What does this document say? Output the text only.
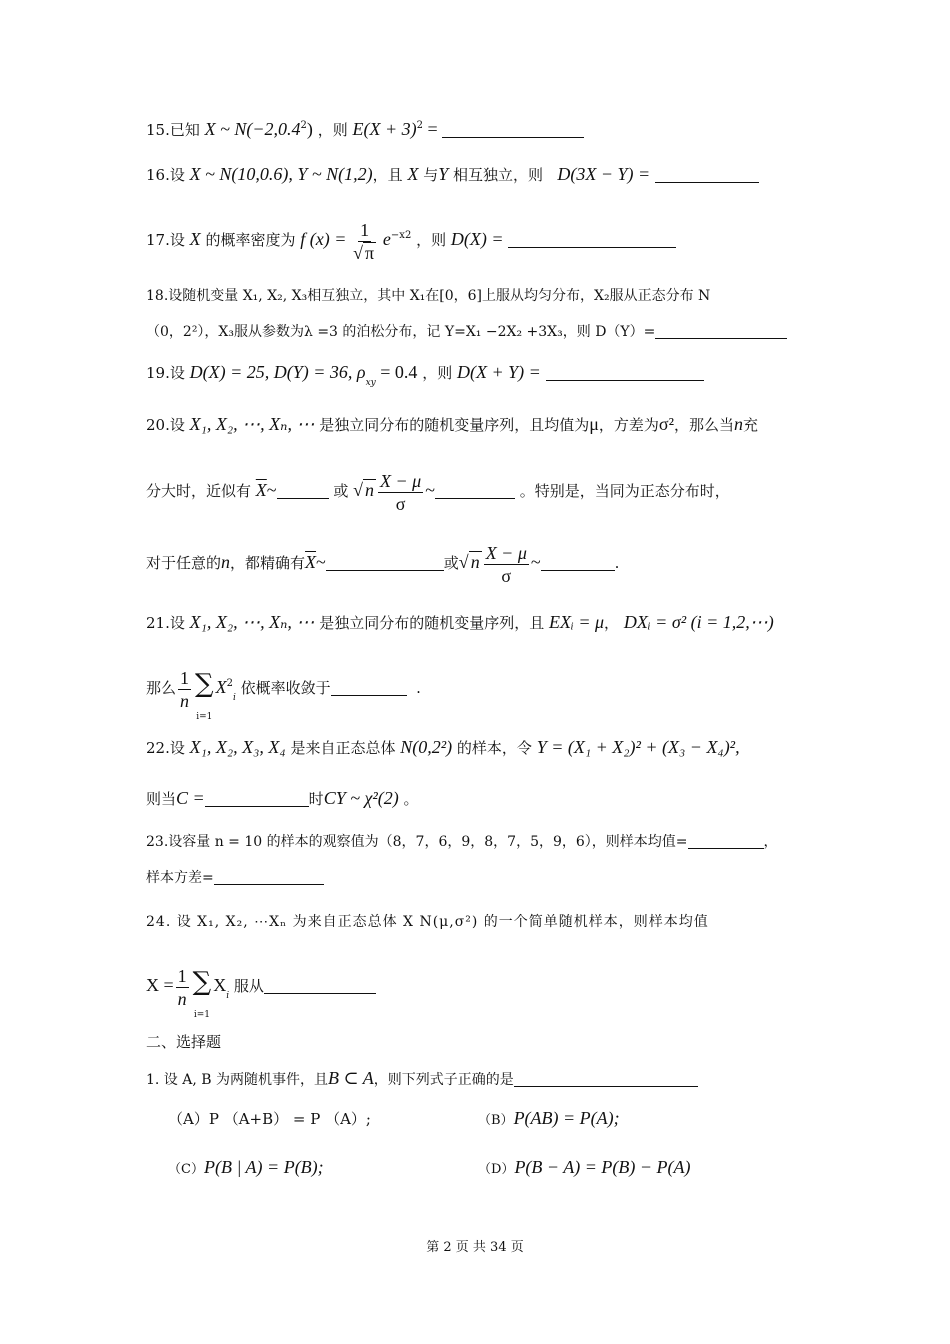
15.已知 X ~ $N(-2,0.4^2)$ ，则 $E(X + 3)^2$ =
16.设 X ~ N(10,0.6), Y ~ N(1,2)，且 X 与Y 相互独立，则 D(3X − Y) =
17.设 X 的概率密度为 f $(x) = \frac{1}{√ \pi} e^{-x2}$ ，则 D(X) =
18.设随机变量 X₁, X₂, X₃相互独立，其中 X₁在[0，6]上服从均匀分布，X₂服从正态分布 N
（0，2²），X₃服从参数为λ =3 的泊松分布，记 Y=X₁ −2X₂ +3X₃，则 D（Y）=
19.设 D(X) = 25, D(Y) = 36, $\rho_{xy} = 0.4$ ，则 D(X + Y) =
20.设 X₁, X₂, ⋯, Xₙ, ⋯ 是独立同分布的随机变量序列，且均值为μ，方差为σ²，那么当n充
分大时，近似有 $\overline{X}\sim$	或 √ n $\frac{X - \mu}{\sigma}$ ~	。特别是，当同为正态分布时，
对于任意的n，都精确有$\overline{X}\sim$	或√ n $\frac{X - \mu}{\sigma}$ ~	.
21.设 X₁, X₂, ⋯, Xₙ, ⋯ 是独立同分布的随机变量序列，且 EXᵢ = μ， DXᵢ = σ² (i = 1,2,⋯)
那么 $\frac{1}{n}$ ∑
i=1
$X^2_i$ 依概率收敛于	.
22.设 X₁, X₂, X₃, X₄ 是来自正态总体 N(0,2²) 的样本，令 Y = (X₁ + X₂)² + (X₃ − X₄)²,
则当C =	时CY ~ χ²(2) 。
23.设容量 n = 10 的样本的观察值为（8，7，6，9，8，7，5，9，6），则样本均值=	，
样本方差=
24. 设 X₁, X₂, ⋯Xₙ 为来自正态总体 X N(μ,σ²) 的一个简单随机样本，则样本均值
$X = \frac{1}{n}$ ∑
i=1
$X_i$ 服从
二、选择题
1. 设 A, B 为两随机事件，且B ⊂ A，则下列式子正确的是
（A）P （A+B） = P （A）;	（B）P(AB) = P(A);
（C）P(B | A) = P(B);	（D）P(B − A) = P(B) − P(A)
第 2 页 共 34 页
